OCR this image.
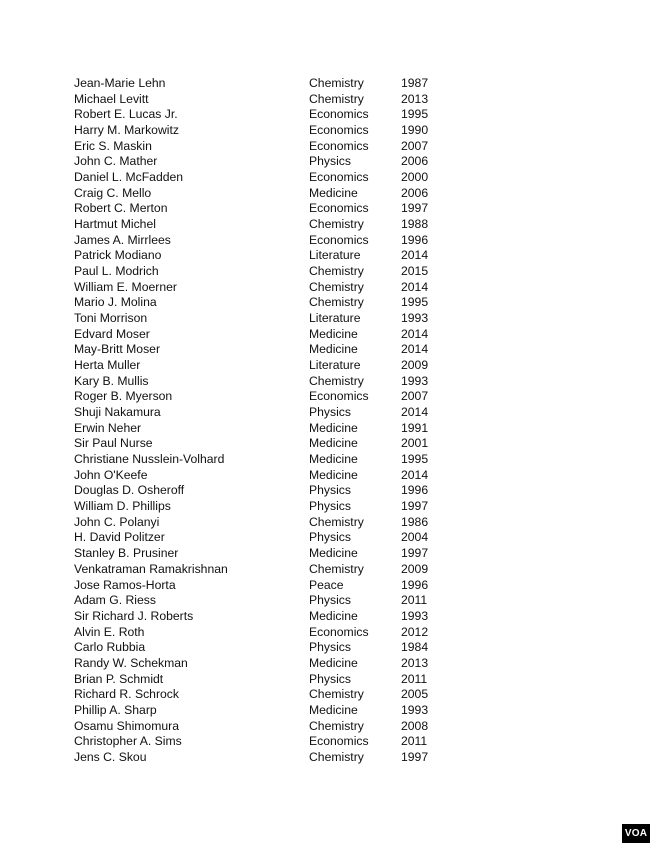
Jean-Marie Lehn	Chemistry	1987
Michael Levitt	Chemistry	2013
Robert E. Lucas Jr.	Economics	1995
Harry M. Markowitz	Economics	1990
Eric S. Maskin	Economics	2007
John C. Mather	Physics	2006
Daniel L. McFadden	Economics	2000
Craig C. Mello	Medicine	2006
Robert C. Merton	Economics	1997
Hartmut Michel	Chemistry	1988
James A. Mirrlees	Economics	1996
Patrick Modiano	Literature	2014
Paul L. Modrich	Chemistry	2015
William E. Moerner	Chemistry	2014
Mario J. Molina	Chemistry	1995
Toni Morrison	Literature	1993
Edvard Moser	Medicine	2014
May-Britt Moser	Medicine	2014
Herta Muller	Literature	2009
Kary B. Mullis	Chemistry	1993
Roger B. Myerson	Economics	2007
Shuji Nakamura	Physics	2014
Erwin Neher	Medicine	1991
Sir Paul Nurse	Medicine	2001
Christiane Nusslein-Volhard	Medicine	1995
John O'Keefe	Medicine	2014
Douglas D. Osheroff	Physics	1996
William D. Phillips	Physics	1997
John C. Polanyi	Chemistry	1986
H. David Politzer	Physics	2004
Stanley B. Prusiner	Medicine	1997
Venkatraman Ramakrishnan	Chemistry	2009
Jose Ramos-Horta	Peace	1996
Adam G. Riess	Physics	2011
Sir Richard J. Roberts	Medicine	1993
Alvin E. Roth	Economics	2012
Carlo Rubbia	Physics	1984
Randy W. Schekman	Medicine	2013
Brian P. Schmidt	Physics	2011
Richard R. Schrock	Chemistry	2005
Phillip A. Sharp	Medicine	1993
Osamu Shimomura	Chemistry	2008
Christopher A. Sims	Economics	2011
Jens C. Skou	Chemistry	1997
VOA
